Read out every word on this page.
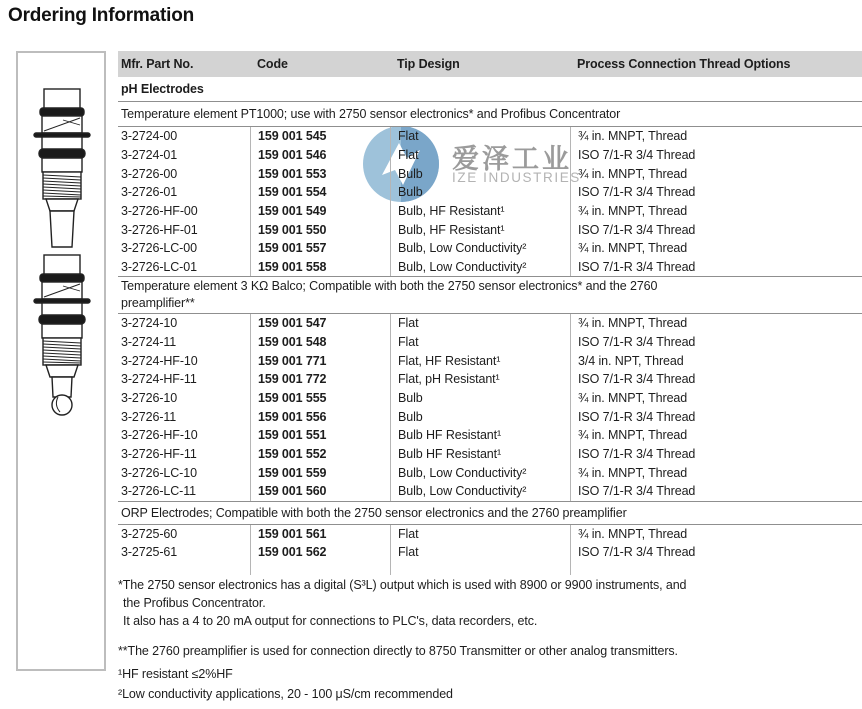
Ordering Information
爱泽工业
IZE INDUSTRIES
Mfr. Part No.	Code	Tip Design	Process Connection Thread Options
pH Electrodes
Temperature element PT1000; use with 2750 sensor electronics* and Profibus Concentrator
3-2724-00	159 001 545	Flat	¾ in. MNPT, Thread
3-2724-01	159 001 546	Flat	ISO 7/1-R 3/4 Thread
3-2726-00	159 001 553	Bulb	¾ in. MNPT, Thread
3-2726-01	159 001 554	Bulb	ISO 7/1-R 3/4 Thread
3-2726-HF-00	159 001 549	Bulb, HF Resistant¹	¾ in. MNPT, Thread
3-2726-HF-01	159 001 550	Bulb, HF Resistant¹	ISO 7/1-R 3/4 Thread
3-2726-LC-00	159 001 557	Bulb, Low Conductivity²	¾ in. MNPT, Thread
3-2726-LC-01	159 001 558	Bulb, Low Conductivity²	ISO 7/1-R 3/4 Thread
Temperature element 3 KΩ Balco; Compatible with both the 2750 sensor electronics* and the 2760 preamplifier**
3-2724-10	159 001 547	Flat	¾ in. MNPT, Thread
3-2724-11	159 001 548	Flat	ISO 7/1-R 3/4 Thread
3-2724-HF-10	159 001 771	Flat, HF Resistant¹	3/4 in. NPT, Thread
3-2724-HF-11	159 001 772	Flat, pH Resistant¹	ISO 7/1-R 3/4 Thread
3-2726-10	159 001 555	Bulb	¾ in. MNPT, Thread
3-2726-11	159 001 556	Bulb	ISO 7/1-R 3/4 Thread
3-2726-HF-10	159 001 551	Bulb HF Resistant¹	¾ in. MNPT, Thread
3-2726-HF-11	159 001 552	Bulb HF Resistant¹	ISO 7/1-R 3/4 Thread
3-2726-LC-10	159 001 559	Bulb, Low Conductivity²	¾ in. MNPT, Thread
3-2726-LC-11	159 001 560	Bulb, Low Conductivity²	ISO 7/1-R 3/4 Thread
ORP Electrodes; Compatible with both the 2750 sensor electronics and the 2760 preamplifier
3-2725-60	159 001 561	Flat	¾ in. MNPT, Thread
3-2725-61	159 001 562	Flat	ISO 7/1-R 3/4 Thread
*The 2750 sensor electronics has a digital (S³L) output which is used with 8900 or 9900 instruments, and
the Profibus Concentrator.
It also has a 4 to 20 mA output for connections to PLC's, data recorders, etc.
**The 2760 preamplifier is used for connection directly to 8750 Transmitter or other analog transmitters.
¹HF resistant ≤2%HF
²Low conductivity applications, 20 - 100 μS/cm recommended
